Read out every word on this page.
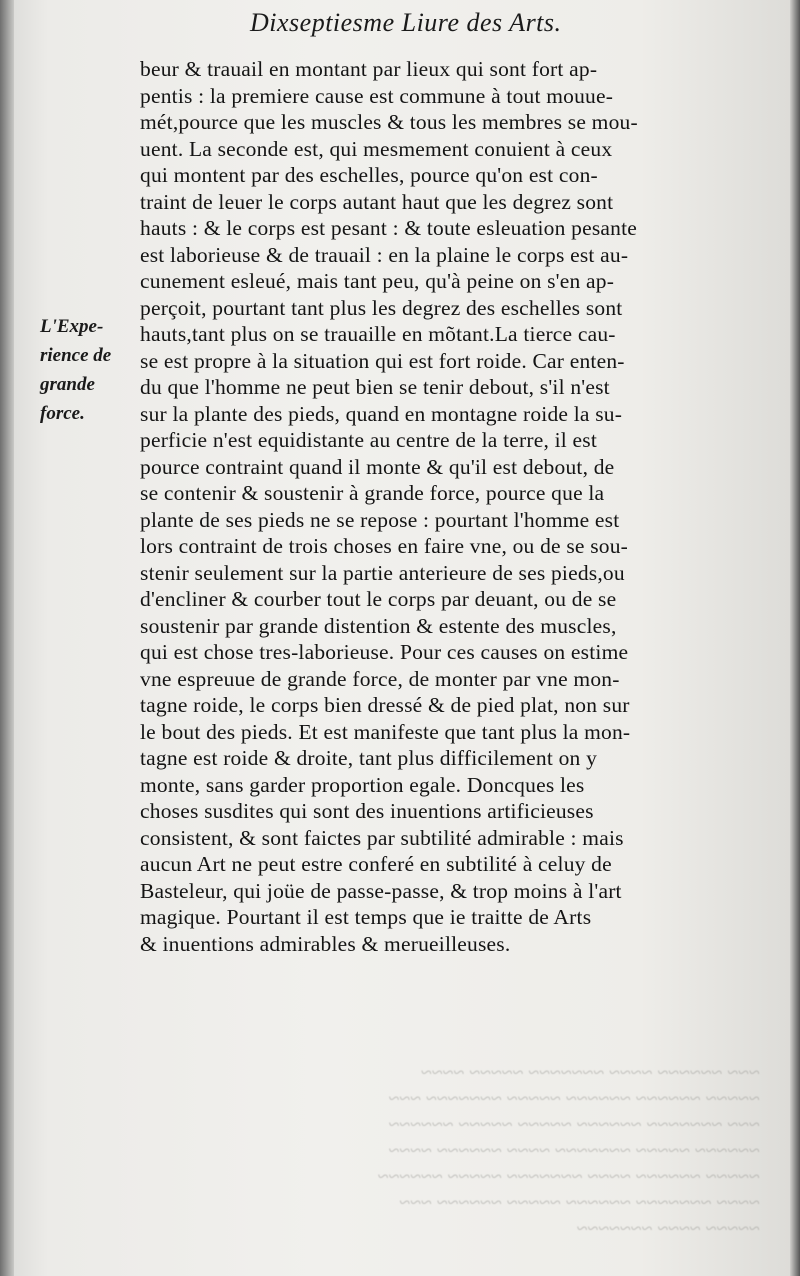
Dixseptiesme Liure des Arts.
L'Expe-
rience de
grande
force.
beur & trauail en montant par lieux qui sont fort ap-
pentis : la premiere cause est commune à tout mouue-
mét,pource que les muscles & tous les membres se mou-
uent. La seconde est, qui mesmement conuient à ceux
qui montent par des eschelles, pource qu'on est con-
traint de leuer le corps autant haut que les degrez sont
hauts : & le corps est pesant : & toute esleuation pesante
est laborieuse & de trauail : en la plaine le corps est au-
cunement esleué, mais tant peu, qu'à peine on s'en ap-
perçoit, pourtant tant plus les degrez des eschelles sont
hauts,tant plus on se trauaille en mõtant.La tierce cau-
se est propre à la situation qui est fort roide. Car enten-
du que l'homme ne peut bien se tenir debout, s'il n'est
sur la plante des pieds, quand en montagne roide la su-
perficie n'est equidistante au centre de la terre, il est
pource contraint quand il monte & qu'il est debout, de
se contenir & soustenir à grande force, pource que la
plante de ses pieds ne se repose : pourtant l'homme est
lors contraint de trois choses en faire vne, ou de se sou-
stenir seulement sur la partie anterieure de ses pieds,ou
d'encliner & courber tout le corps par deuant, ou de se
soustenir par grande distention & estente des muscles,
qui est chose tres-laborieuse. Pour ces causes on estime
vne espreuue de grande force, de monter par vne mon-
tagne roide, le corps bien dressé & de pied plat, non sur
le bout des pieds. Et est manifeste que tant plus la mon-
tagne est roide & droite, tant plus difficilement on y
monte, sans garder proportion egale. Doncques les
choses susdites qui sont des inuentions artificieuses
consistent, & sont faictes par subtilité admirable : mais
aucun Art ne peut estre conferé en subtilité à celuy de
Basteleur, qui joüe de passe-passe, & trop moins à l'art
magique. Pourtant il est temps que ie traitte de Arts
& inuentions admirables & merueilleuses.
~~~ ~~~~~~ ~~~~ ~~~~~~~ ~~~~~ ~~~~
~~~~~ ~~~~~~ ~~~~~~ ~~~~~ ~~~~~~~ ~~~
~~~ ~~~~~~~ ~~~~~~ ~~~~~ ~~~~~ ~~~~~~
~~~~~~ ~~~~~ ~~~~~~~ ~~~~ ~~~~~~ ~~~~
~~~~~ ~~~~~~ ~~~~ ~~~~~~~ ~~~~~ ~~~~~~
~~~~ ~~~~~~~ ~~~~~~ ~~~~~ ~~~~~~ ~~~
~~~~~ ~~~~ ~~~~~~~
